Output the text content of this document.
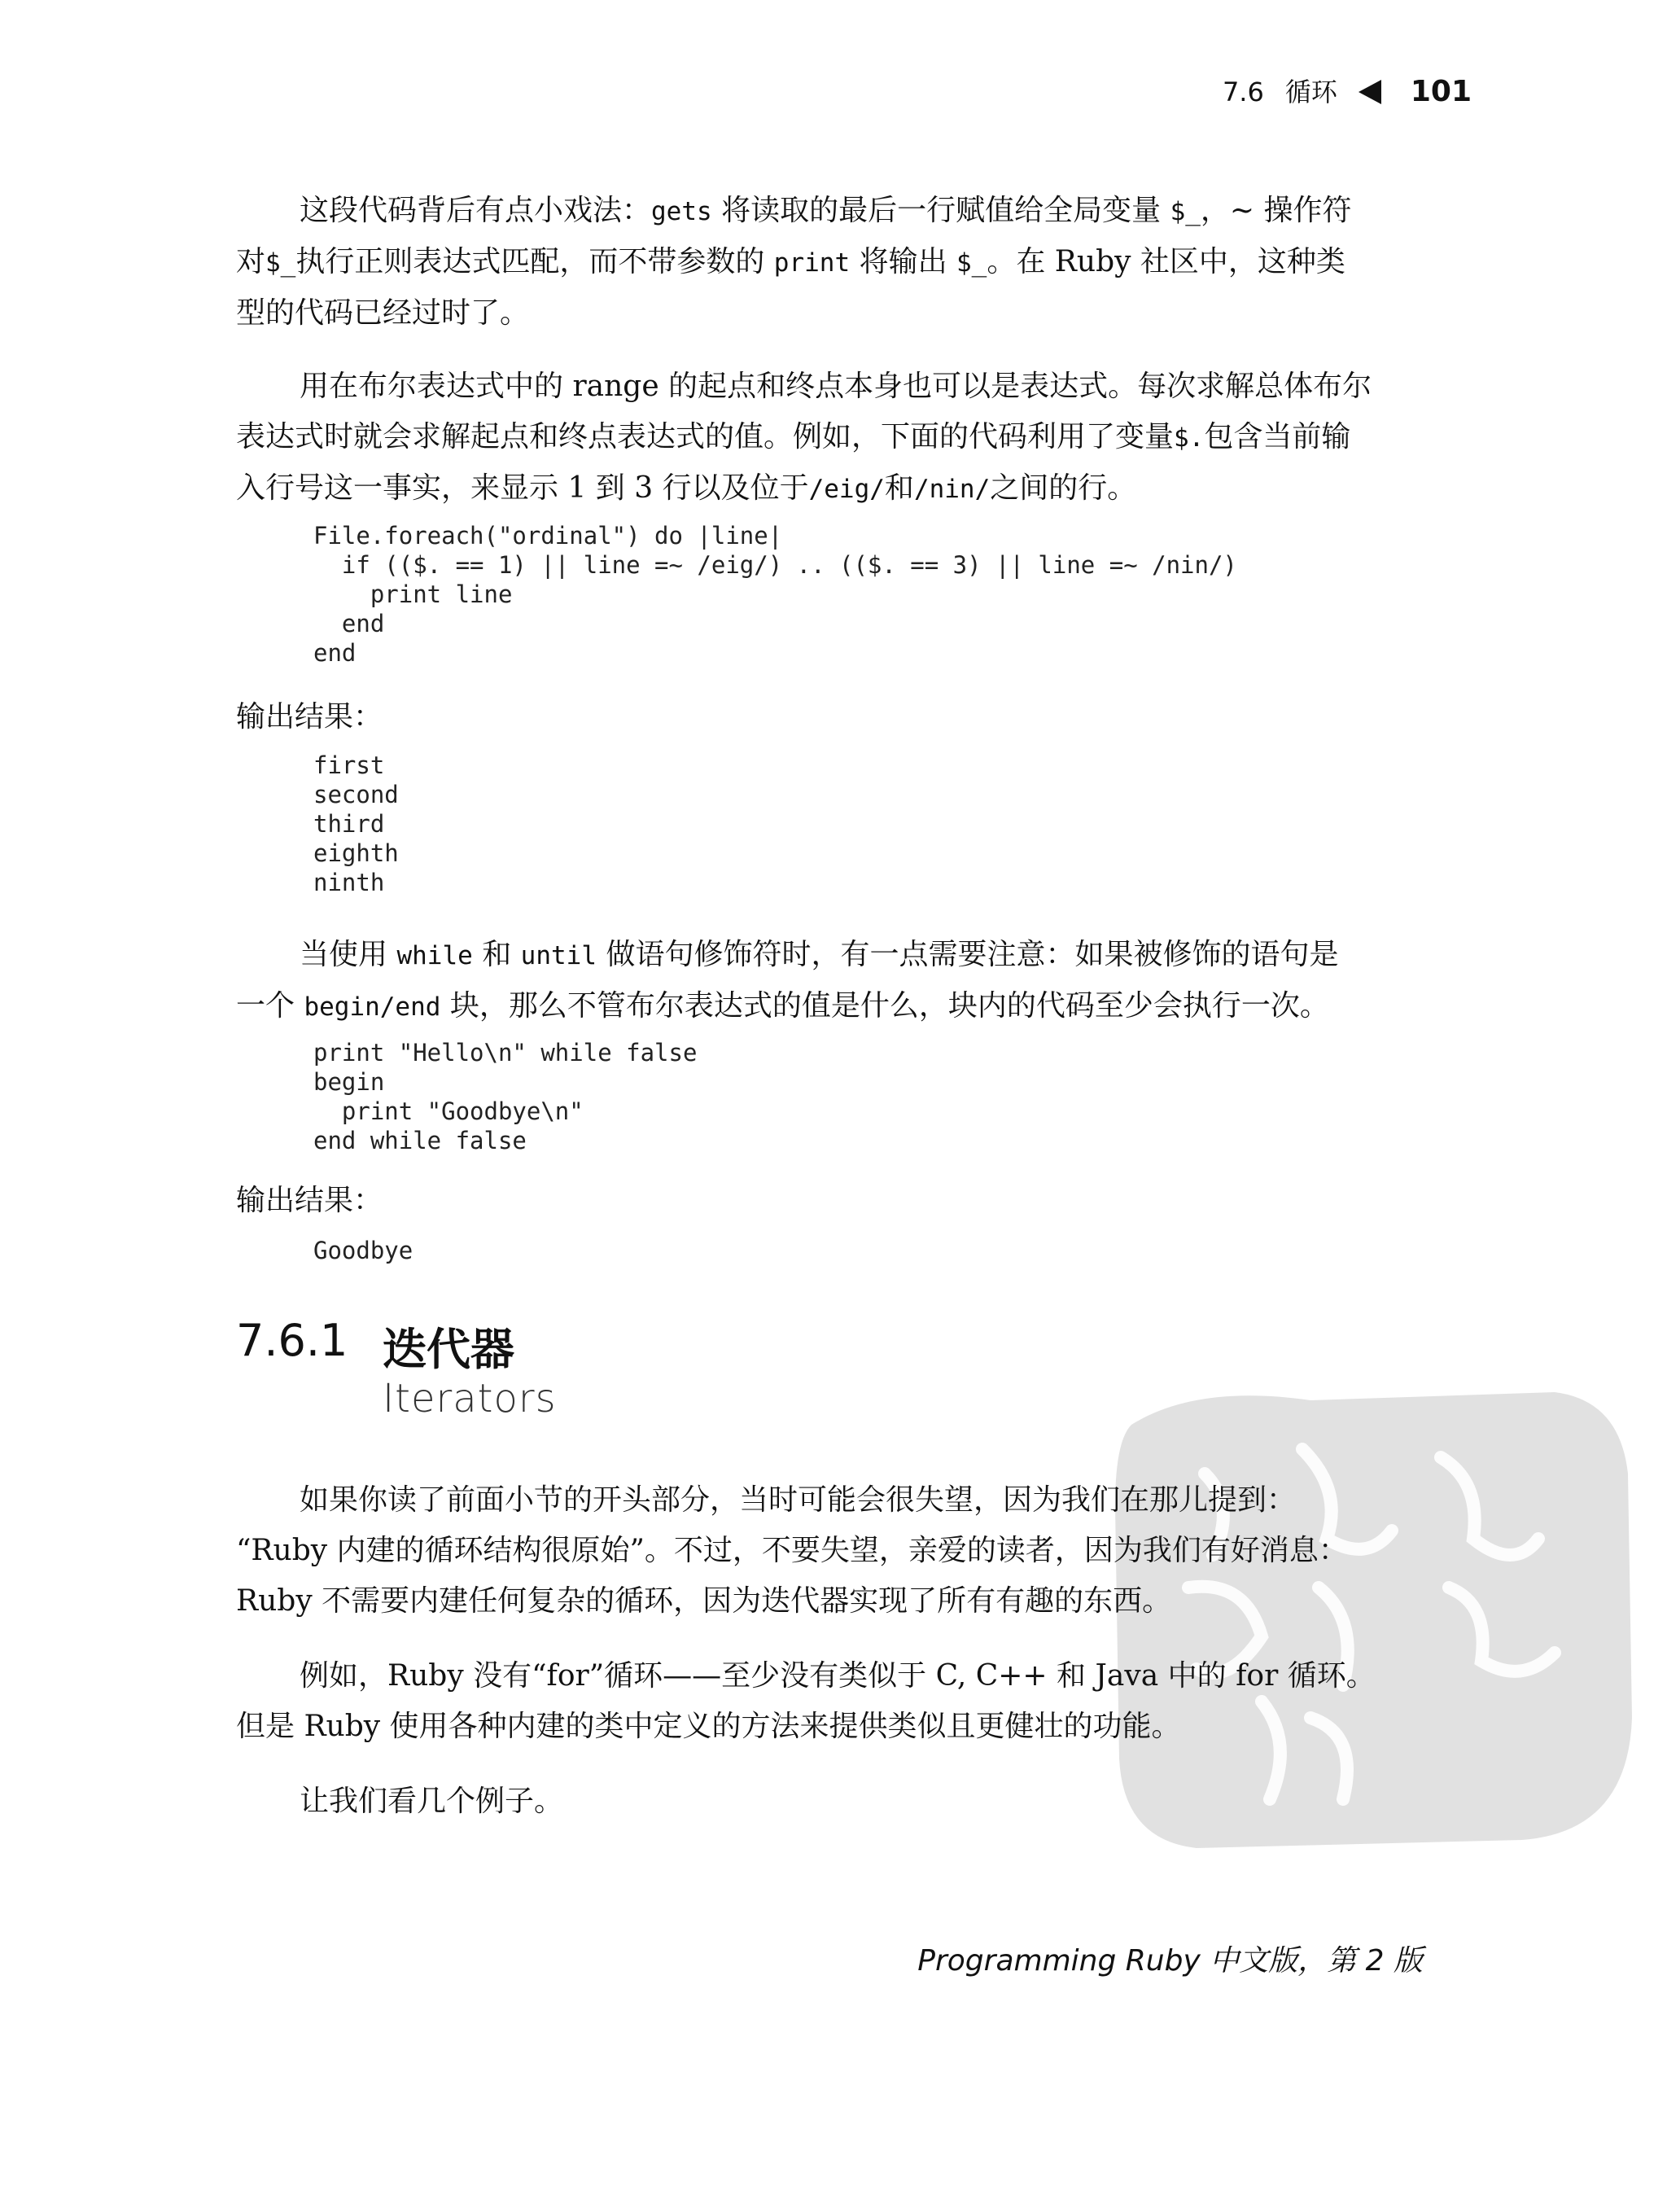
7.6 循环	101

这段代码背后有点小戏法：gets 将读取的最后一行赋值给全局变量 $_，~ 操作符
对$_执行正则表达式匹配，而不带参数的 print 将输出 $_。在 Ruby 社区中，这种类
型的代码已经过时了。

用在布尔表达式中的 range 的起点和终点本身也可以是表达式。每次求解总体布尔
表达式时就会求解起点和终点表达式的值。例如，下面的代码利用了变量$.包含当前输
入行号这一事实，来显示 1 到 3 行以及位于/eig/和/nin/之间的行。

File.foreach("ordinal") do |line|
if (($. == 1) || line =~ /eig/) .. (($. == 3) || line =~ /nin/)
print line
end
end

输出结果：

first
second
third
eighth
ninth

当使用 while 和 until 做语句修饰符时，有一点需要注意：如果被修饰的语句是
一个 begin/end 块，那么不管布尔表达式的值是什么，块内的代码至少会执行一次。

print "Hello\n" while false
begin
print "Goodbye\n"
end while false

输出结果：

Goodbye
7.6.1 迭代器
Iterators

如果你读了前面小节的开头部分，当时可能会很失望，因为我们在那儿提到：
“Ruby 内建的循环结构很原始”。不过，不要失望，亲爱的读者，因为我们有好消息：
Ruby 不需要内建任何复杂的循环，因为迭代器实现了所有有趣的东西。

例如，Ruby 没有“for”循环——至少没有类似于 C, C++ 和 Java 中的 for 循环。
但是 Ruby 使用各种内建的类中定义的方法来提供类似且更健壮的功能。

让我们看几个例子。

Programming Ruby 中文版，第 2 版
